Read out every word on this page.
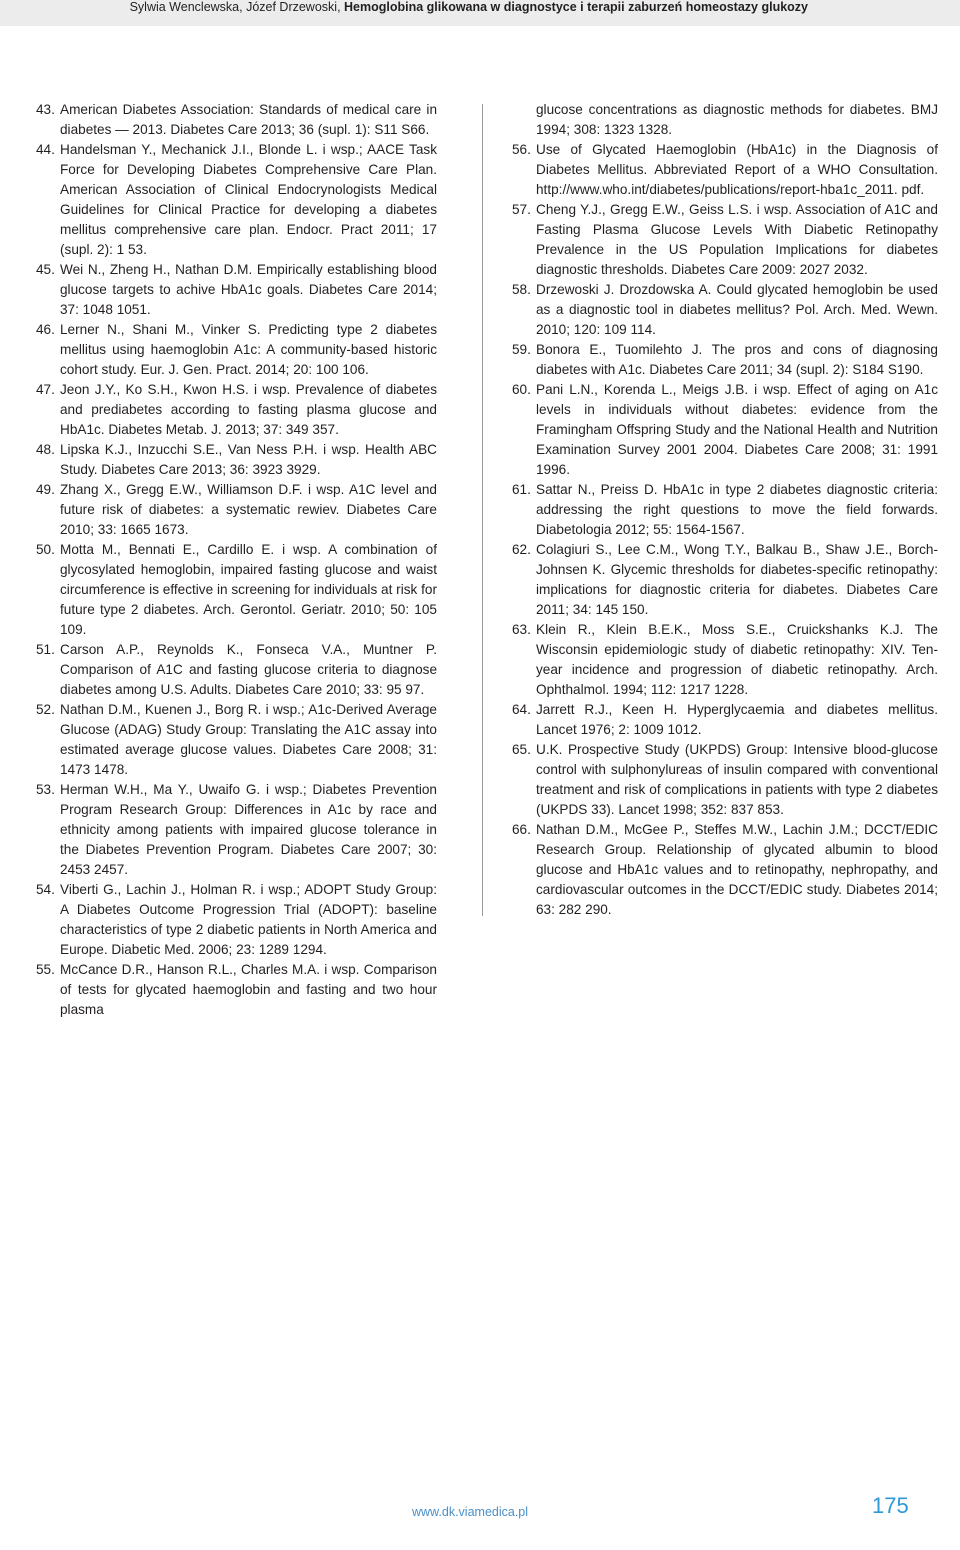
Sylwia Wenclewska, Józef Drzewoski, Hemoglobina glikowana w diagnostyce i terapii zaburzeń homeostazy glukozy

43. American Diabetes Association: Standards of medical care in diabetes — 2013. Diabetes Care 2013; 36 (supl. 1): S11 S66.

44. Handelsman Y., Mechanick J.I., Blonde L. i wsp.; AACE Task Force for Developing Diabetes Comprehensive Care Plan. American Association of Clinical Endocrynologists Medical Guidelines for Clinical Practice for developing a diabetes mellitus comprehensive care plan. Endocr. Pract 2011; 17 (supl. 2): 1 53.

45. Wei N., Zheng H., Nathan D.M. Empirically establishing blood glucose targets to achive HbA1c goals. Diabetes Care 2014; 37: 1048 1051.

46. Lerner N., Shani M., Vinker S. Predicting type 2 diabetes mellitus using haemoglobin A1c: A community-based historic cohort study. Eur. J. Gen. Pract. 2014; 20: 100 106.

47. Jeon J.Y., Ko S.H., Kwon H.S. i wsp. Prevalence of diabetes and prediabetes according to fasting plasma glucose and HbA1c. Diabetes Metab. J. 2013; 37: 349 357.

48. Lipska K.J., Inzucchi S.E., Van Ness P.H. i wsp. Health ABC Study. Diabetes Care 2013; 36: 3923 3929.

49. Zhang X., Gregg E.W., Williamson D.F. i wsp. A1C level and future risk of diabetes: a systematic rewiev. Diabetes Care 2010; 33: 1665 1673.

50. Motta M., Bennati E., Cardillo E. i wsp. A combination of glycosylated hemoglobin, impaired fasting glucose and waist circumference is effective in screening for individuals at risk for future type 2 diabetes. Arch. Gerontol. Geriatr. 2010; 50: 105 109.

51. Carson A.P., Reynolds K., Fonseca V.A., Muntner P. Comparison of A1C and fasting glucose criteria to diagnose diabetes among U.S. Adults. Diabetes Care 2010; 33: 95 97.

52. Nathan D.M., Kuenen J., Borg R. i wsp.; A1c-Derived Average Glucose (ADAG) Study Group: Translating the A1C assay into estimated average glucose values. Diabetes Care 2008; 31: 1473 1478.

53. Herman W.H., Ma Y., Uwaifo G. i wsp.; Diabetes Prevention Program Research Group: Differences in A1c by race and ethnicity among patients with impaired glucose tolerance in the Diabetes Prevention Program. Diabetes Care 2007; 30: 2453 2457.

54. Viberti G., Lachin J., Holman R. i wsp.; ADOPT Study Group: A Diabetes Outcome Progression Trial (ADOPT): baseline characteristics of type 2 diabetic patients in North America and Europe. Diabetic Med. 2006; 23: 1289 1294.

55. McCance D.R., Hanson R.L., Charles M.A. i wsp. Comparison of tests for glycated haemoglobin and fasting and two hour plasma

glucose concentrations as diagnostic methods for diabetes. BMJ 1994; 308: 1323 1328.

56. Use of Glycated Haemoglobin (HbA1c) in the Diagnosis of Diabetes Mellitus. Abbreviated Report of a WHO Consultation. http://www.who.int/diabetes/publications/report-hba1c_2011. pdf.

57. Cheng Y.J., Gregg E.W., Geiss L.S. i wsp. Association of A1C and Fasting Plasma Glucose Levels With Diabetic Retinopathy Prevalence in the US Population Implications for diabetes diagnostic thresholds. Diabetes Care 2009: 2027 2032.

58. Drzewoski J. Drozdowska A. Could glycated hemoglobin be used as a diagnostic tool in diabetes mellitus? Pol. Arch. Med. Wewn. 2010; 120: 109 114.

59. Bonora E., Tuomilehto J. The pros and cons of diagnosing diabetes with A1c. Diabetes Care 2011; 34 (supl. 2): S184 S190.

60. Pani L.N., Korenda L., Meigs J.B. i wsp. Effect of aging on A1c levels in individuals without diabetes: evidence from the Framingham Offspring Study and the National Health and Nutrition Examination Survey 2001 2004. Diabetes Care 2008; 31: 1991 1996.

61. Sattar N., Preiss D. HbA1c in type 2 diabetes diagnostic criteria: addressing the right questions to move the field forwards. Diabetologia 2012; 55: 1564-1567.

62. Colagiuri S., Lee C.M., Wong T.Y., Balkau B., Shaw J.E., Borch-Johnsen K. Glycemic thresholds for diabetes-specific retinopathy: implications for diagnostic criteria for diabetes. Diabetes Care 2011; 34: 145 150.

63. Klein R., Klein B.E.K., Moss S.E., Cruickshanks K.J. The Wisconsin epidemiologic study of diabetic retinopathy: XIV. Ten-year incidence and progression of diabetic retinopathy. Arch. Ophthalmol. 1994; 112: 1217 1228.

64. Jarrett R.J., Keen H. Hyperglycaemia and diabetes mellitus. Lancet 1976; 2: 1009 1012.

65. U.K. Prospective Study (UKPDS) Group: Intensive blood-glucose control with sulphonylureas of insulin compared with conventional treatment and risk of complications in patients with type 2 diabetes (UKPDS 33). Lancet 1998; 352: 837 853.

66. Nathan D.M., McGee P., Steffes M.W., Lachin J.M.; DCCT/EDIC Research Group. Relationship of glycated albumin to blood glucose and HbA1c values and to retinopathy, nephropathy, and cardiovascular outcomes in the DCCT/EDIC study. Diabetes 2014; 63: 282 290.

www.dk.viamedica.pl	175
